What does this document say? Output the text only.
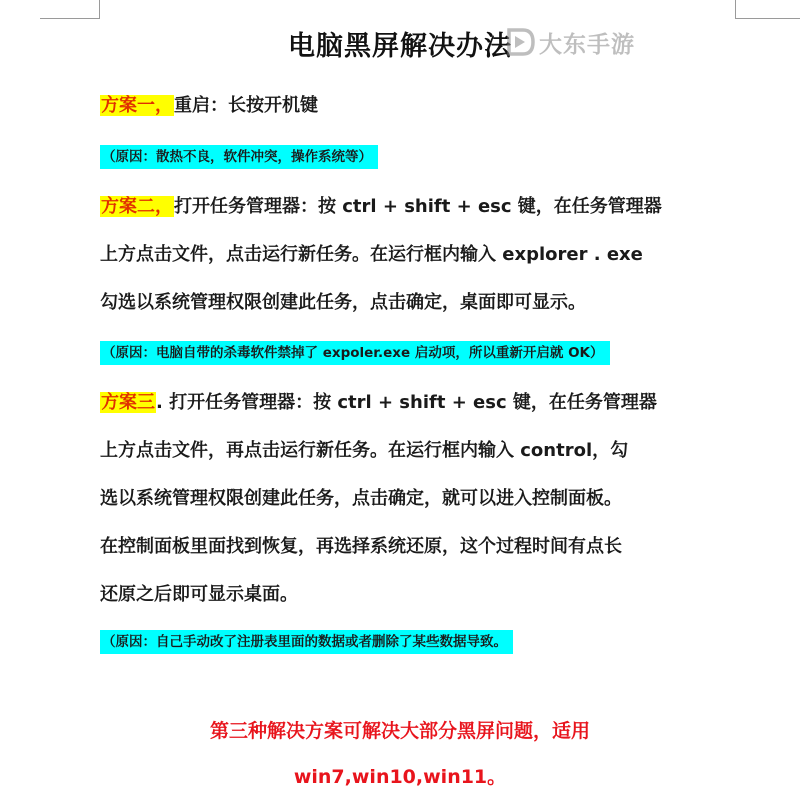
电脑黑屏解决办法	大东手游
方案一，重启：长按开机键
（原因：散热不良，软件冲突，操作系统等）
方案二，打开任务管理器：按 ctrl + shift + esc 键，在任务管理器
上方点击文件，点击运行新任务。在运行框内输入 explorer . exe
勾选以系统管理权限创建此任务，点击确定，桌面即可显示。
（原因：电脑自带的杀毒软件禁掉了 expoler.exe 启动项，所以重新开启就 OK）
方案三. 打开任务管理器：按 ctrl + shift + esc 键，在任务管理器
上方点击文件，再点击运行新任务。在运行框内输入 control，勾
选以系统管理权限创建此任务，点击确定，就可以进入控制面板。
在控制面板里面找到恢复，再选择系统还原，这个过程时间有点长
还原之后即可显示桌面。
（原因：自己手动改了注册表里面的数据或者删除了某些数据导致。
第三种解决方案可解决大部分黑屏问题，适用
win7,win10,win11。
